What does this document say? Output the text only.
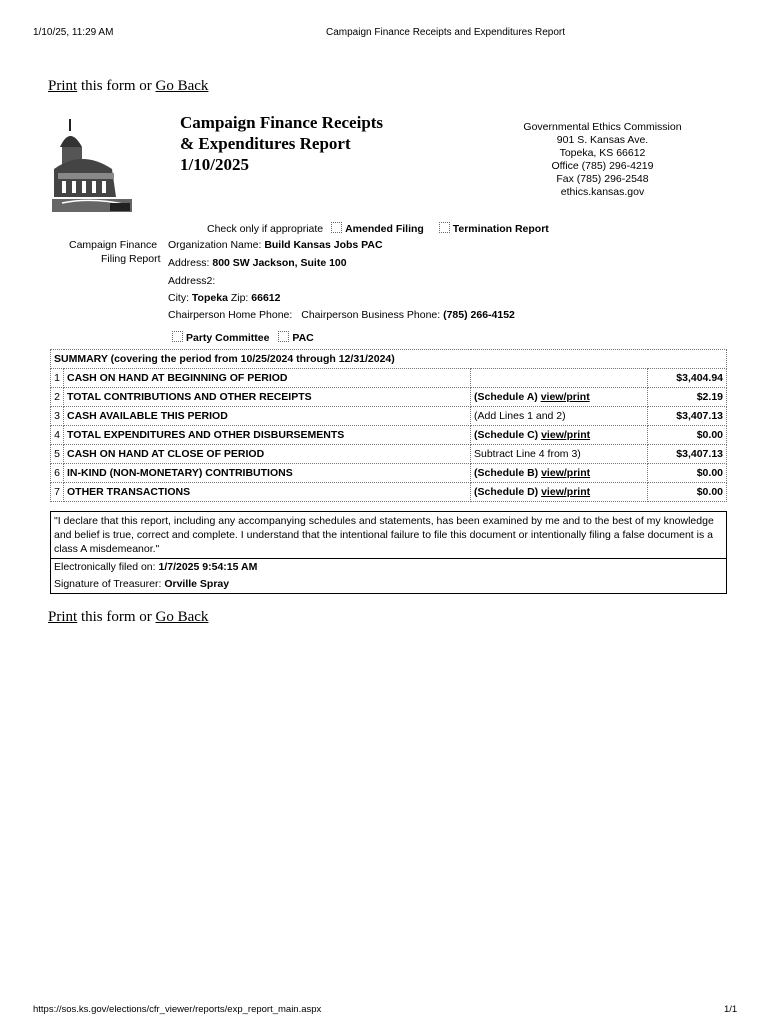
1/10/25, 11:29 AM	Campaign Finance Receipts and Expenditures Report
Print this form or Go Back
Campaign Finance Receipts
& Expenditures Report
1/10/2025
Governmental Ethics Commission
901 S. Kansas Ave.
Topeka, KS 66612
Office (785) 296-4219
Fax (785) 296-2548
ethics.kansas.gov
Check only if appropriate Amended Filing	Termination Report
Campaign Finance
Filing Report
Organization Name: Build Kansas Jobs PAC
Address: 800 SW Jackson, Suite 100
Address2:
City: Topeka Zip: 66612
Chairperson Home Phone: Chairperson Business Phone: (785) 266-4152
Party Committee PAC
SUMMARY (covering the period from 10/25/2024 through 12/31/2024)			
1	CASH ON HAND AT BEGINNING OF PERIOD		$3,404.94
2	TOTAL CONTRIBUTIONS AND OTHER RECEIPTS	(Schedule A) view/print	$2.19
3	CASH AVAILABLE THIS PERIOD	(Add Lines 1 and 2)	$3,407.13
4	TOTAL EXPENDITURES AND OTHER DISBURSEMENTS	(Schedule C) view/print	$0.00
5	CASH ON HAND AT CLOSE OF PERIOD	Subtract Line 4 from 3)	$3,407.13
6	IN-KIND (NON-MONETARY) CONTRIBUTIONS	(Schedule B) view/print	$0.00
7	OTHER TRANSACTIONS	(Schedule D) view/print	$0.00
"I declare that this report, including any accompanying schedules and statements, has been examined by me and to the best of my knowledge and belief is true, correct and complete. I understand that the intentional failure to file this document or intentionally filing a false document is a class A misdemeanor."
Electronically filed on: 1/7/2025 9:54:15 AM
Signature of Treasurer: Orville Spray
Print this form or Go Back
https://sos.ks.gov/elections/cfr_viewer/reports/exp_report_main.aspx	1/1
